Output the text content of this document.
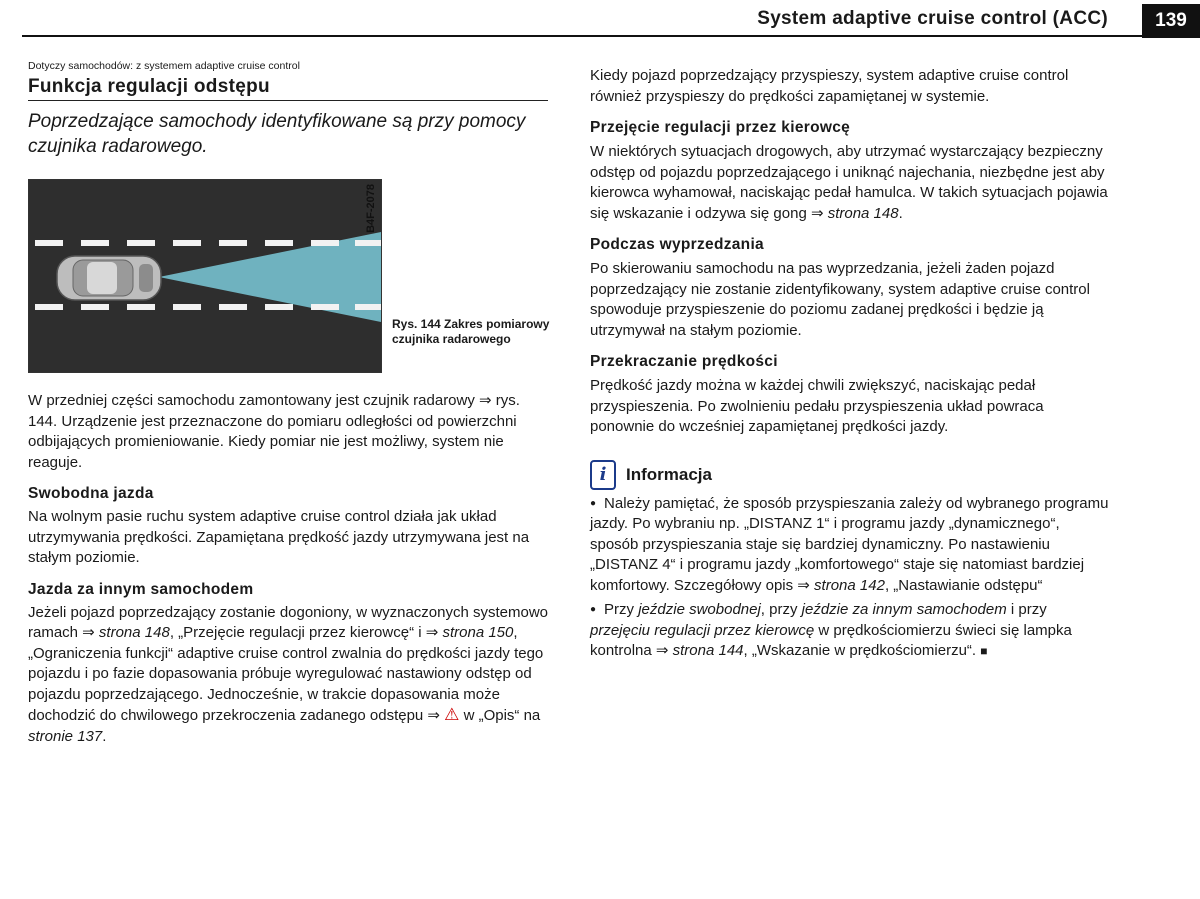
System adaptive cruise control (ACC)	139

Dotyczy samochodów: z systemem adaptive cruise control

Funkcja regulacji odstępu

Poprzedzające samochody identyfikowane są przy pomocy czujnika radarowego.

B4F-2078

Rys. 144 Zakres pomiarowy czujnika radarowego

W przedniej części samochodu zamontowany jest czujnik radarowy ⇒ rys. 144. Urządzenie jest przeznaczone do pomiaru odległości od powierzchni odbijających promieniowanie. Kiedy pomiar nie jest możliwy, system nie reaguje.

Swobodna jazda

Na wolnym pasie ruchu system adaptive cruise control działa jak układ utrzymywania prędkości. Zapamiętana prędkość jazdy utrzymywana jest na stałym poziomie.

Jazda za innym samochodem

Jeżeli pojazd poprzedzający zostanie dogoniony, w wyznaczonych systemowo ramach ⇒ strona 148, „Przejęcie regulacji przez kierowcę“ i ⇒ strona 150, „Ograniczenia funkcji“ adaptive cruise control zwalnia do prędkości jazdy tego pojazdu i po fazie dopasowania próbuje wyregulować nastawiony odstęp od pojazdu poprzedzającego. Jednocześnie, w trakcie dopasowania może dochodzić do chwilowego przekroczenia zadanego odstępu ⇒ ⚠ w „Opis“ na stronie 137.

Kiedy pojazd poprzedzający przyspieszy, system adaptive cruise control również przyspieszy do prędkości zapamiętanej w systemie.

Przejęcie regulacji przez kierowcę

W niektórych sytuacjach drogowych, aby utrzymać wystarczający bezpieczny odstęp od pojazdu poprzedzającego i uniknąć najechania, niezbędne jest aby kierowca wyhamował, naciskając pedał hamulca. W takich sytuacjach pojawia się wskazanie i odzywa się gong ⇒ strona 148.

Podczas wyprzedzania

Po skierowaniu samochodu na pas wyprzedzania, jeżeli żaden pojazd poprzedzający nie zostanie zidentyfikowany, system adaptive cruise control spowoduje przyspieszenie do poziomu zadanej prędkości i będzie ją utrzymywał na stałym poziomie.

Przekraczanie prędkości

Prędkość jazdy można w każdej chwili zwiększyć, naciskając pedał przyspieszenia. Po zwolnieniu pedału przyspieszenia układ powraca ponownie do wcześniej zapamiętanej prędkości jazdy.

i	Informacja
● Należy pamiętać, że sposób przyspieszania zależy od wybranego programu jazdy. Po wybraniu np. „DISTANZ 1“ i programu jazdy „dynamicznego“, sposób przyspieszania staje się bardziej dynamiczny. Po nastawieniu „DISTANZ 4“ i programu jazdy „komfortowego“ staje się natomiast bardziej komfortowy. Szczegółowy opis ⇒ strona 142, „Nastawianie odstępu“
● Przy jeździe swobodnej, przy jeździe za innym samochodem i przy przejęciu regulacji przez kierowcę w prędkościomierzu świeci się lampka kontrolna ⇒ strona 144, „Wskazanie w prędkościomierzu“. ■
